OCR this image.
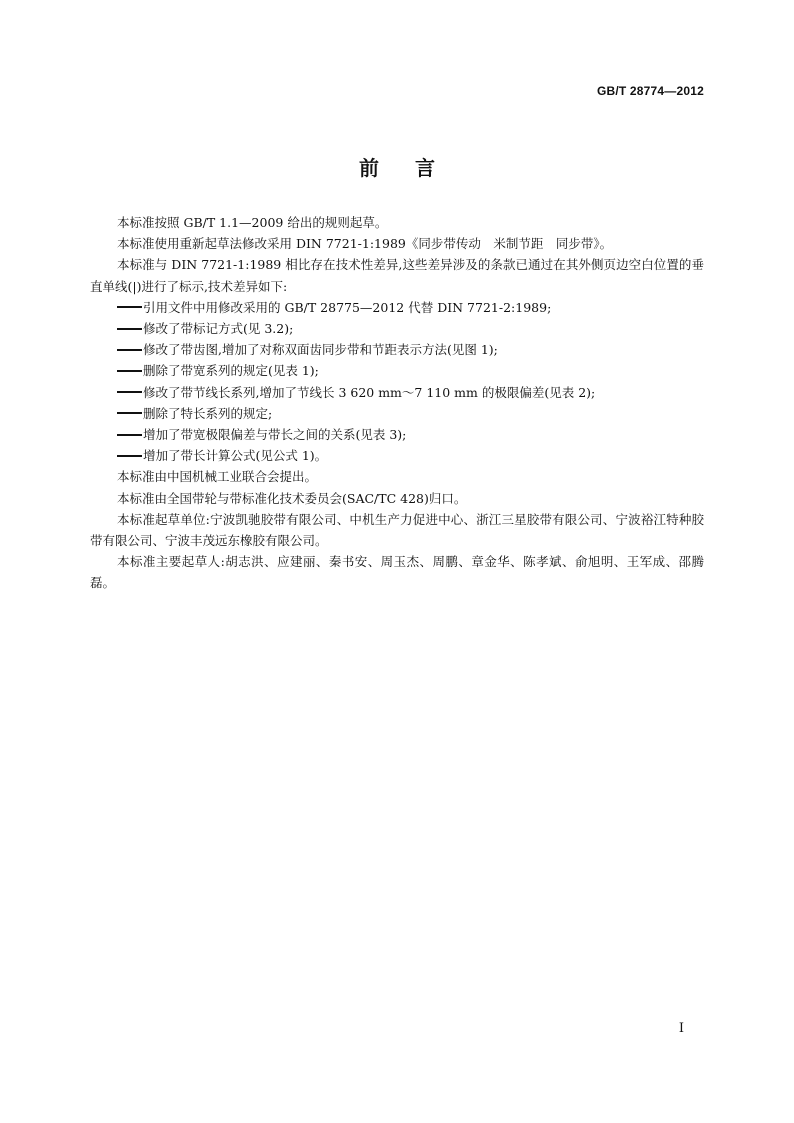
GB/T 28774—2012
前言

本标准按照 GB/T 1.1—2009 给出的规则起草。

本标准使用重新起草法修改采用 DIN 7721-1:1989《同步带传动　米制节距　同步带》。

本标准与 DIN 7721-1:1989 相比存在技术性差异,这些差异涉及的条款已通过在其外侧页边空白位置的垂直单线(|)进行了标示,技术差异如下:

引用文件中用修改采用的 GB/T 28775—2012 代替 DIN 7721-2:1989;
修改了带标记方式(见 3.2);
修改了带齿图,增加了对称双面齿同步带和节距表示方法(见图 1);
删除了带宽系列的规定(见表 1);
修改了带节线长系列,增加了节线长 3 620 mm～7 110 mm 的极限偏差(见表 2);
删除了特长系列的规定;
增加了带宽极限偏差与带长之间的关系(见表 3);
增加了带长计算公式(见公式 1)。

本标准由中国机械工业联合会提出。

本标准由全国带轮与带标准化技术委员会(SAC/TC 428)归口。

本标准起草单位:宁波凯驰胶带有限公司、中机生产力促进中心、浙江三星胶带有限公司、宁波裕江特种胶带有限公司、宁波丰茂远东橡胶有限公司。

本标准主要起草人:胡志洪、应建丽、秦书安、周玉杰、周鹏、章金华、陈孝斌、俞旭明、王军成、邵腾磊。

I
